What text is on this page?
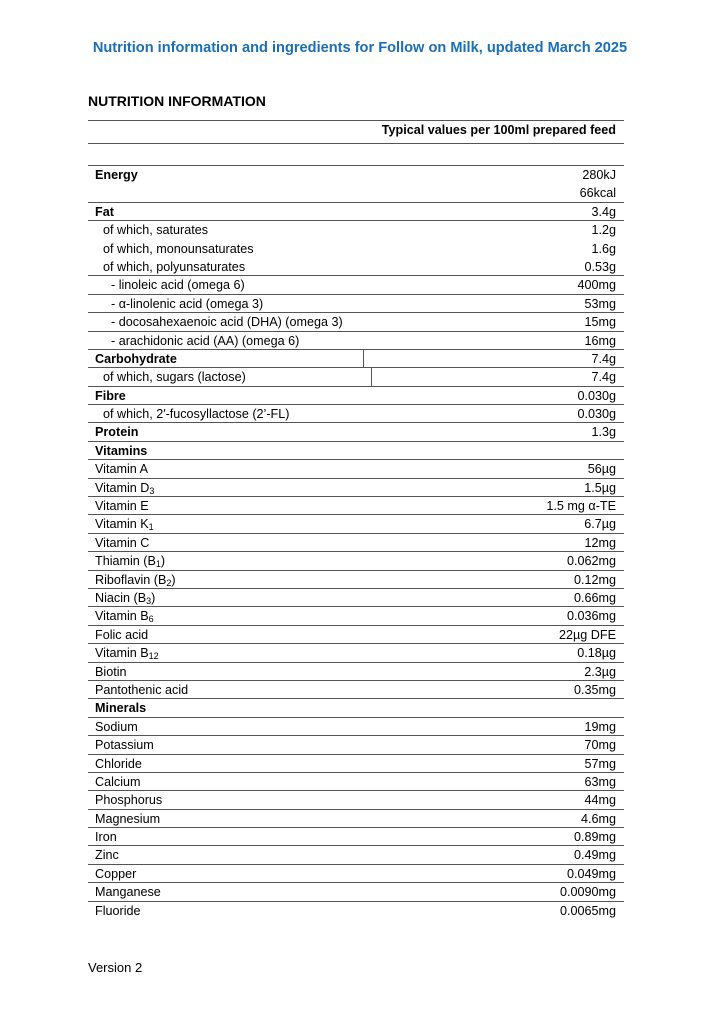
Nutrition information and ingredients for Follow on Milk, updated March 2025
NUTRITION INFORMATION
Typical values per 100ml prepared feed
Energy	280kJ
66kcal
Fat	3.4g
of which, saturates	1.2g
of which, monounsaturates	1.6g
of which, polyunsaturates	0.53g
- linoleic acid (omega 6)	400mg
- α-linolenic acid (omega 3)	53mg
- docosahexaenoic acid (DHA) (omega 3)	15mg
- arachidonic acid (AA) (omega 6)	16mg
Carbohydrate	7.4g
of which, sugars (lactose)	7.4g
Fibre	0.030g
of which, 2′-fucosyllactose (2’-FL)	0.030g
Protein	1.3g
Vitamins
Vitamin A	56µg
Vitamin $D_3$	1.5µg
Vitamin E	1.5 mg α-TE
Vitamin $K_1$	6.7µg
Vitamin C	12mg
Thiamin $(B_1)$	0.062mg
Riboflavin $(B_2)$	0.12mg
Niacin $(B_3)$	0.66mg
Vitamin $B_6$	0.036mg
Folic acid	22µg DFE
Vitamin $B_{12}$	0.18µg
Biotin	2.3µg
Pantothenic acid	0.35mg
Minerals
Sodium	19mg
Potassium	70mg
Chloride	57mg
Calcium	63mg
Phosphorus	44mg
Magnesium	4.6mg
Iron	0.89mg
Zinc	0.49mg
Copper	0.049mg
Manganese	0.0090mg
Fluoride	0.0065mg
Version 2
